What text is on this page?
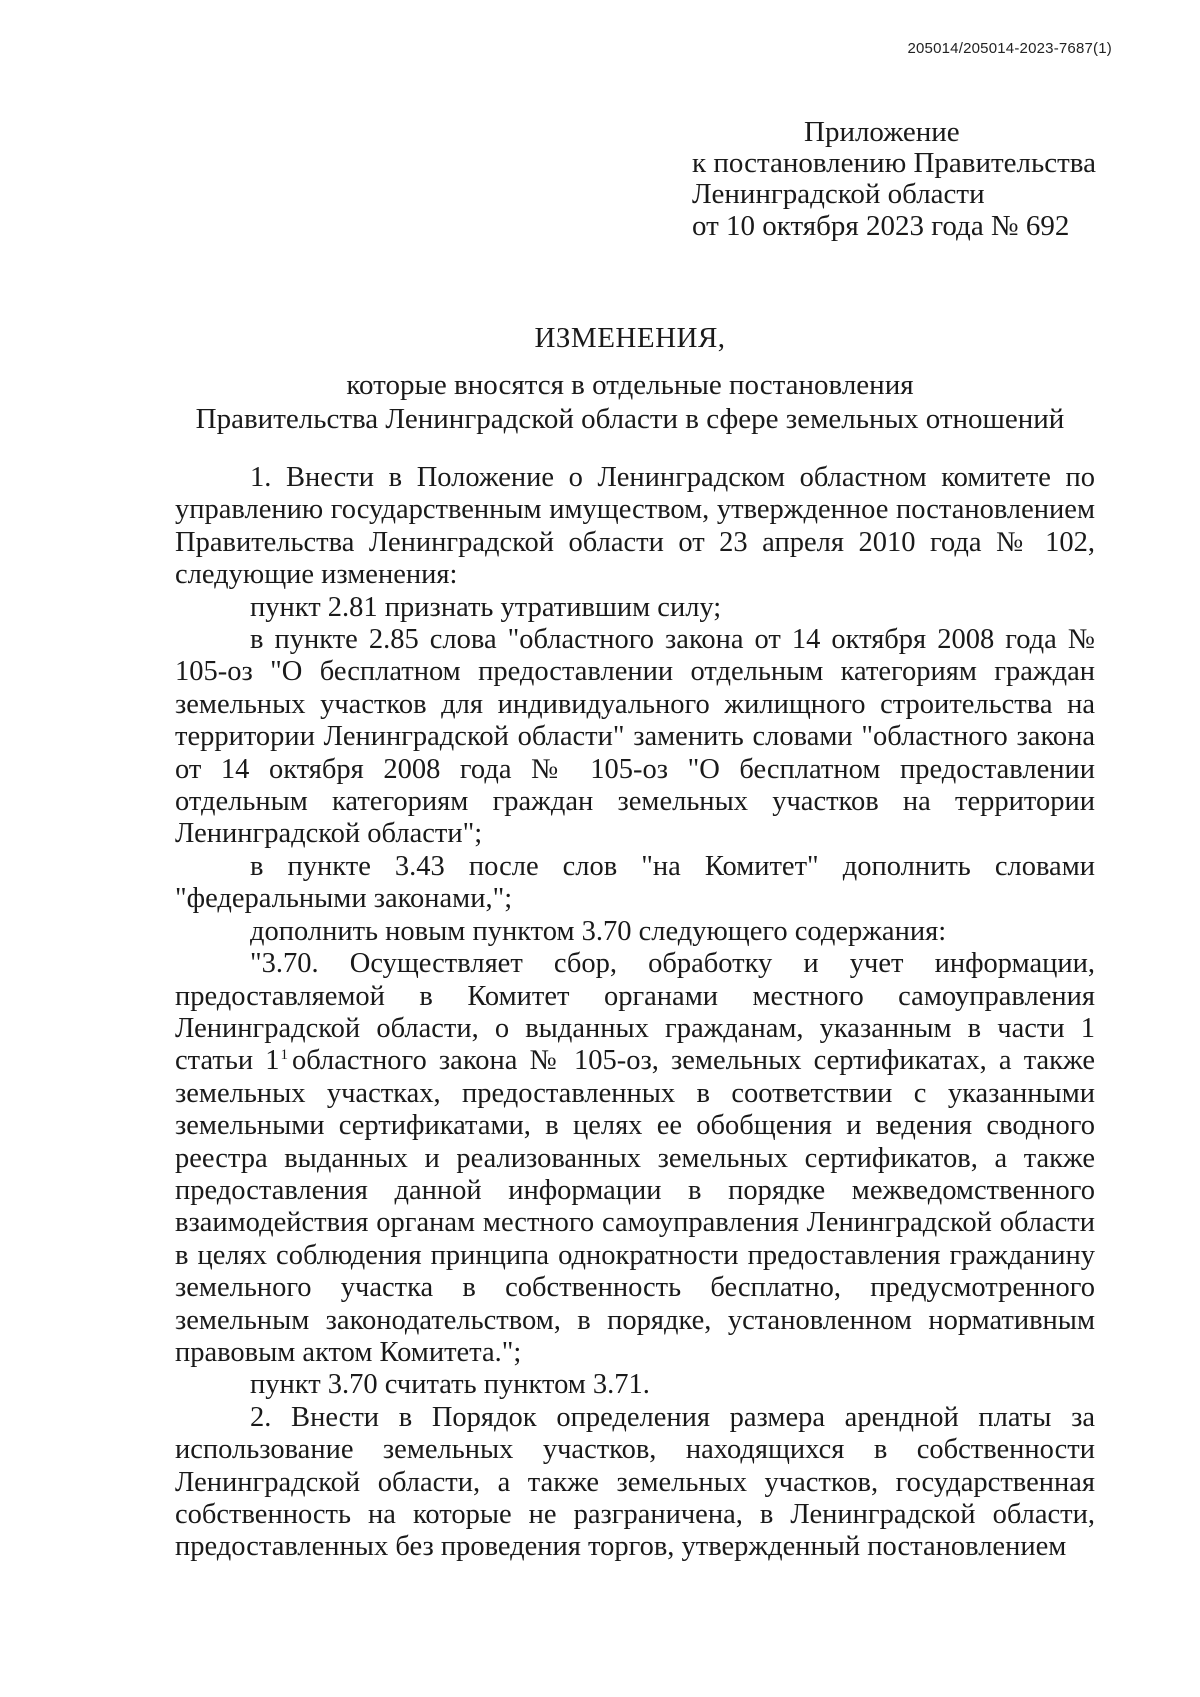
205014/205014-2023-7687(1)
Приложение
к постановлению Правительства
Ленинградской области
от 10 октября 2023 года № 692
ИЗМЕНЕНИЯ,
которые вносятся в отдельные постановления
Правительства Ленинградской области в сфере земельных отношений

1. Внести в Положение о Ленинградском областном комитете по управлению государственным имуществом, утвержденное постановлением Правительства Ленинградской области от 23 апреля 2010 года № 102, следующие изменения:

пункт 2.81 признать утратившим силу;

в пункте 2.85 слова "областного закона от 14 октября 2008 года № 105-оз "О бесплатном предоставлении отдельным категориям граждан земельных участков для индивидуального жилищного строительства на территории Ленинградской области" заменить словами "областного закона от 14 октября 2008 года № 105-оз "О бесплатном предоставлении отдельным категориям граждан земельных участков на территории Ленинградской области";

в пункте 3.43 после слов "на Комитет" дополнить словами "федеральными законами,";

дополнить новым пунктом 3.70 следующего содержания:

"3.70. Осуществляет сбор, обработку и учет информации, предоставляемой в Комитет органами местного самоуправления Ленинградской области, о выданных гражданам, указанным в части 1 статьи $1^1$ областного закона № 105-оз, земельных сертификатах, а также земельных участках, предоставленных в соответствии с указанными земельными сертификатами, в целях ее обобщения и ведения сводного реестра выданных и реализованных земельных сертификатов, а также предоставления данной информации в порядке межведомственного взаимодействия органам местного самоуправления Ленинградской области в целях соблюдения принципа однократности предоставления гражданину земельного участка в собственность бесплатно, предусмотренного земельным законодательством, в порядке, установленном нормативным правовым актом Комитета.";

пункт 3.70 считать пунктом 3.71.

2. Внести в Порядок определения размера арендной платы за использование земельных участков, находящихся в собственности Ленинградской области, а также земельных участков, государственная собственность на которые не разграничена, в Ленинградской области, предоставленных без проведения торгов, утвержденный постановлением
